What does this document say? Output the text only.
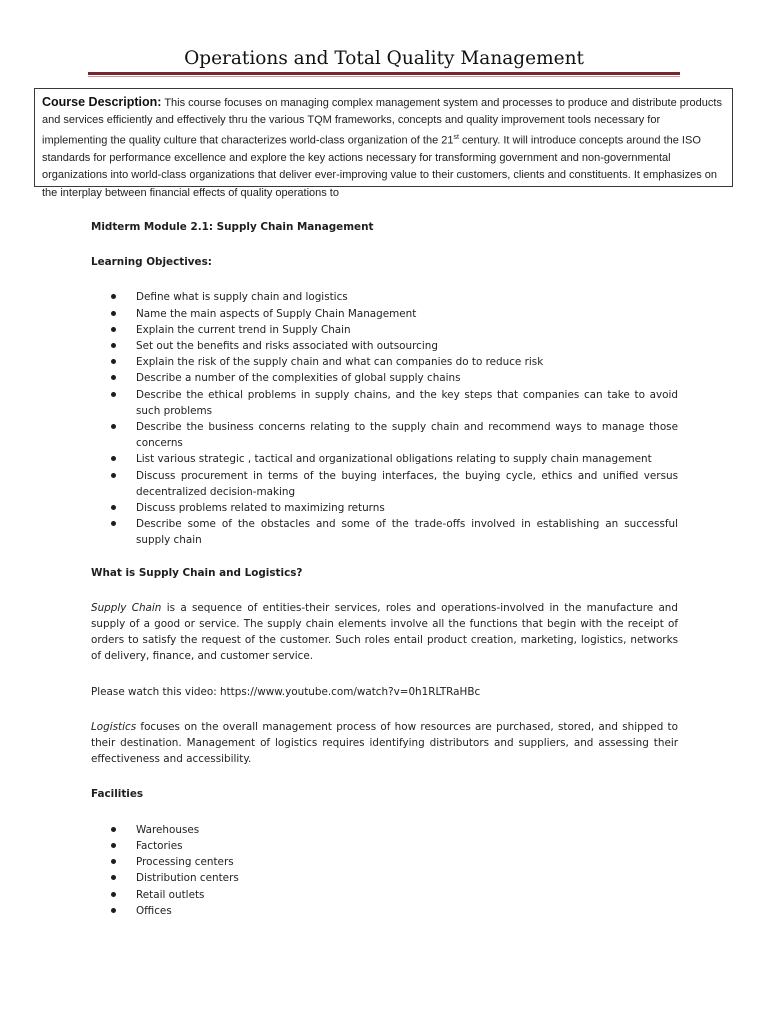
Operations and Total Quality Management
Course Description: This course focuses on managing complex management system and processes to produce and distribute products and services efficiently and effectively thru the various TQM frameworks, concepts and quality improvement tools necessary for implementing the quality culture that characterizes world-class organization of the 21st century. It will introduce concepts around the ISO standards for performance excellence and explore the key actions necessary for transforming government and non-governmental organizations into world-class organizations that deliver ever-improving value to their customers, clients and constituents. It emphasizes on the interplay between financial effects of quality operations to

Midterm Module 2.1: Supply Chain Management

Learning Objectives:

Define what is supply chain and logistics
Name the main aspects of Supply Chain Management
Explain the current trend in Supply Chain
Set out the benefits and risks associated with outsourcing
Explain the risk of the supply chain and what can companies do to reduce risk
Describe a number of the complexities of global supply chains
Describe the ethical problems in supply chains, and the key steps that companies can take to avoid such problems
Describe the business concerns relating to the supply chain and recommend ways to manage those concerns
List various strategic , tactical and organizational obligations relating to supply chain management
Discuss procurement in terms of the buying interfaces, the buying cycle, ethics and unified versus decentralized decision-making
Discuss problems related to maximizing returns
Describe some of the obstacles and some of the trade-offs involved in establishing an successful supply chain

What is Supply Chain and Logistics?

Supply Chain is a sequence of entities-their services, roles and operations-involved in the manufacture and supply of a good or service. The supply chain elements involve all the functions that begin with the receipt of orders to satisfy the request of the customer. Such roles entail product creation, marketing, logistics, networks of delivery, finance, and customer service.

Please watch this video: https://www.youtube.com/watch?v=0h1RLTRaHBc

Logistics focuses on the overall management process of how resources are purchased, stored, and shipped to their destination. Management of logistics requires identifying distributors and suppliers, and assessing their effectiveness and accessibility.

Facilities

Warehouses
Factories
Processing centers
Distribution centers
Retail outlets
Offices
